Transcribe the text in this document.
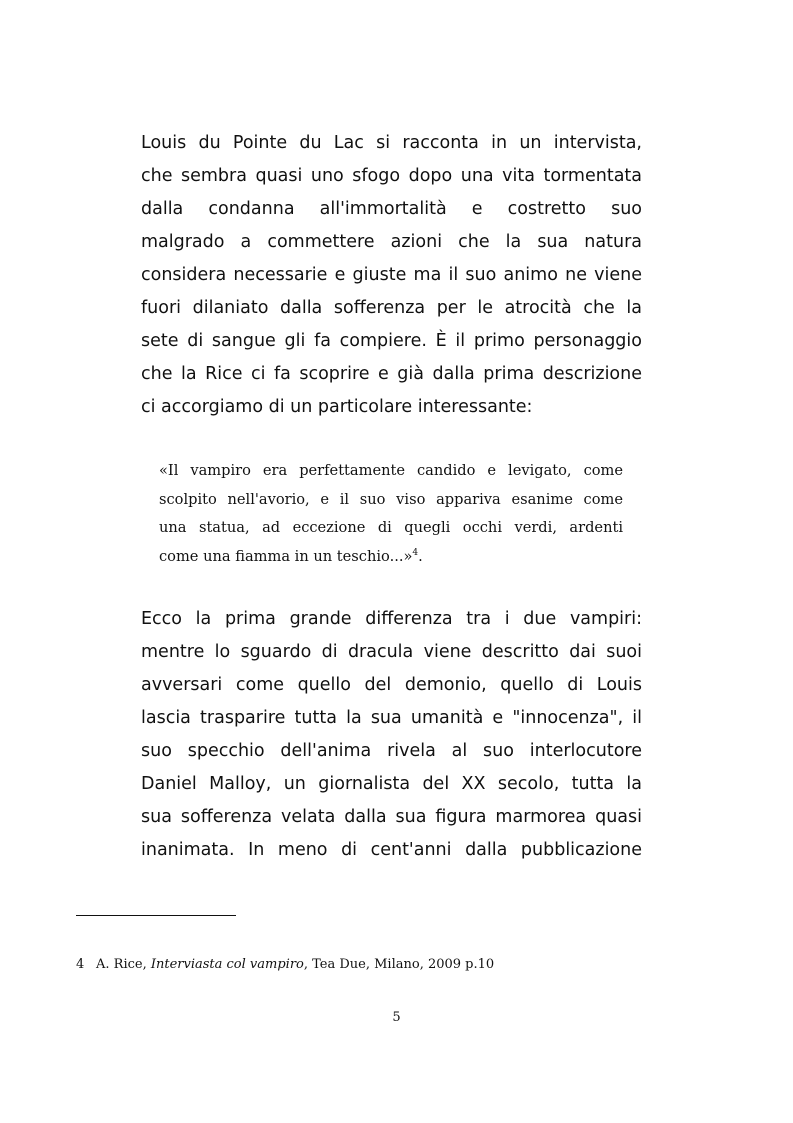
Louis du Pointe du Lac si racconta in un intervista,
che sembra quasi uno sfogo dopo una vita tormentata
dalla condanna all'immortalità e costretto suo
malgrado a commettere azioni che la sua natura
considera necessarie e giuste ma il suo animo ne viene
fuori dilaniato dalla sofferenza per le atrocità che la
sete di sangue gli fa compiere. È il primo personaggio
che la Rice ci fa scoprire e già dalla prima descrizione
ci accorgiamo di un particolare interessante:
«Il vampiro era perfettamente candido e levigato, come
scolpito nell'avorio, e il suo viso appariva esanime come
una statua, ad eccezione di quegli occhi verdi, ardenti
come una fiamma in un teschio...»$^4$.
Ecco la prima grande differenza tra i due vampiri:
mentre lo sguardo di dracula viene descritto dai suoi
avversari come quello del demonio, quello di Louis
lascia trasparire tutta la sua umanità e "innocenza", il
suo specchio dell'anima rivela al suo interlocutore
Daniel Malloy, un giornalista del XX secolo, tutta la
sua sofferenza velata dalla sua figura marmorea quasi
inanimata. In meno di cent'anni dalla pubblicazione
4 A. Rice, Interviasta col vampiro, Tea Due, Milano, 2009 p.10
5
